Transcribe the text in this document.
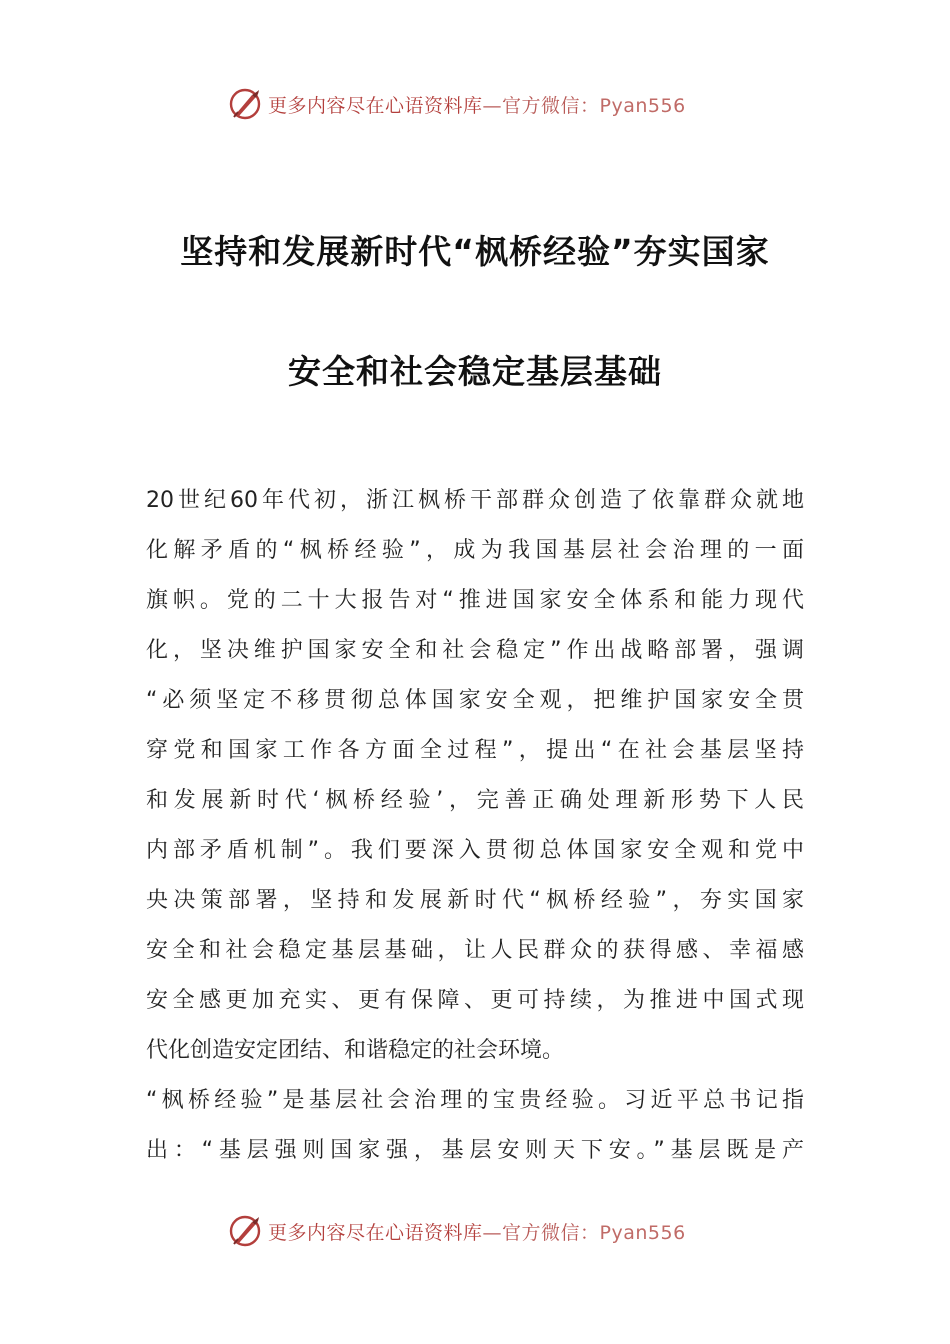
更多内容尽在心语资料库—官方微信：Pyan556
坚持和发展新时代“枫桥经验”夯实国家
安全和社会稳定基层基础
20世纪60年代初，浙江枫桥干部群众创造了依靠群众就地
化解矛盾的“枫桥经验”，成为我国基层社会治理的一面
旗帜。党的二十大报告对“推进国家安全体系和能力现代
化，坚决维护国家安全和社会稳定”作出战略部署，强调
“必须坚定不移贯彻总体国家安全观，把维护国家安全贯
穿党和国家工作各方面全过程”，提出“在社会基层坚持
和发展新时代‘枫桥经验’，完善正确处理新形势下人民
内部矛盾机制”。我们要深入贯彻总体国家安全观和党中
央决策部署，坚持和发展新时代“枫桥经验”，夯实国家
安全和社会稳定基层基础，让人民群众的获得感、幸福感
安全感更加充实、更有保障、更可持续，为推进中国式现
代化创造安定团结、和谐稳定的社会环境。
“枫桥经验”是基层社会治理的宝贵经验。习近平总书记指
出：“基层强则国家强，基层安则天下安。”基层既是产
更多内容尽在心语资料库—官方微信：Pyan556
